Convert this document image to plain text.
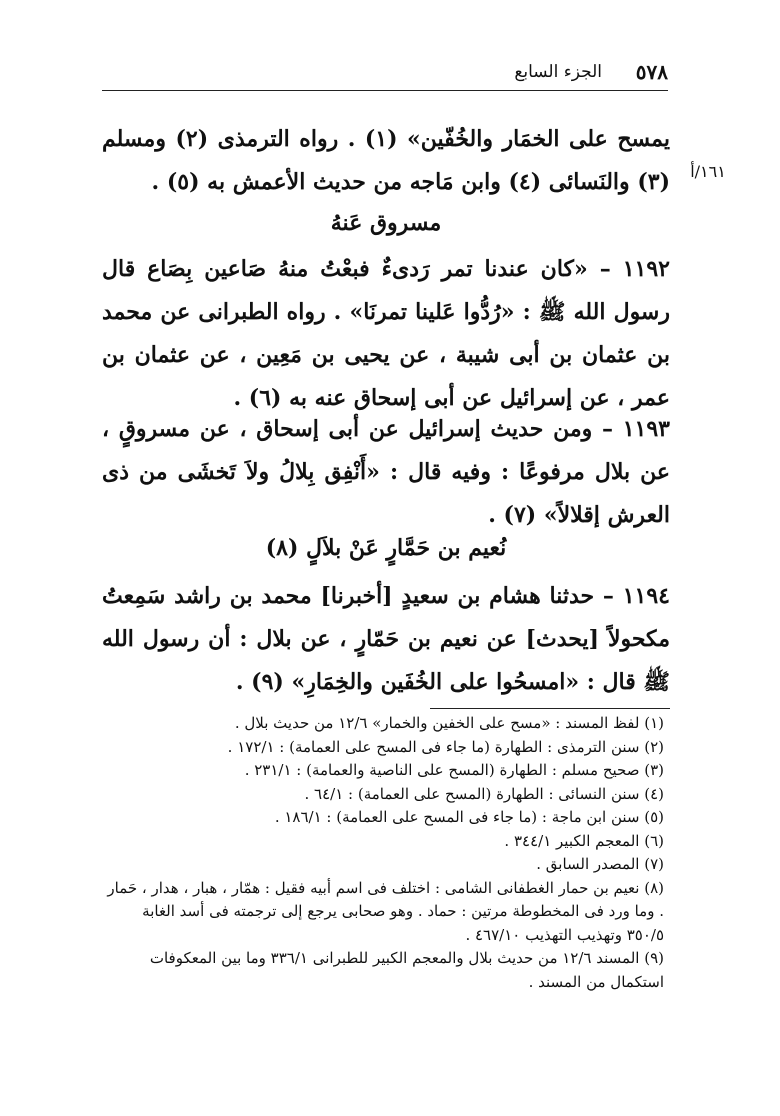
٥٧٨
الجزء السابع
١٦١/أ
يمسح على الخمَار والخُفّين» (١) . رواه الترمذى (٢) ومسلم (٣) والنَسائى (٤) وابن مَاجه من حديث الأعمش به (٥) .
مسروق عَنهُ
١١٩٢ – «كان عندنا تمر رَدىءٌ فبعْتُ منهُ صَاعين بِصَاع قال رسول الله ﷺ : «رُدُّوا عَلينا تمرنَا» . رواه الطبرانى عن محمد بن عثمان بن أبى شيبة ، عن يحيى بن مَعِين ، عن عثمان بن عمر ، عن إسرائيل عن أبى إسحاق عنه به (٦) .
١١٩٣ – ومن حديث إسرائيل عن أبى إسحاق ، عن مسروقٍ ، عن بلال مرفوعًا : وفيه قال : «أَنْفِق بِلالُ ولاَ تَخشَى من ذى العرش إقلالاً» (٧) .
نُعيم بن حَمَّارٍ عَنْ بلاَلٍ (٨)
١١٩٤ – حدثنا هشام بن سعيدٍ [أخبرنا] محمد بن راشد سَمِعتُ مكحولاً [يحدث] عن نعيم بن حَمّارٍ ، عن بلال : أن رسول الله ﷺ قال : «امسحُوا على الخُفَين والخِمَارِ» (٩) .

(١) لفظ المسند : «مسح على الخفين والخمار» ١٢/٦ من حديث بلال .

(٢) سنن الترمذى : الطهارة (ما جاء فى المسح على العمامة) : ١٧٢/١ .

(٣) صحيح مسلم : الطهارة (المسح على الناصية والعمامة) : ٢٣١/١ .

(٤) سنن النسائى : الطهارة (المسح على العمامة) : ٦٤/١ .

(٥) سنن ابن ماجة : (ما جاء فى المسح على العمامة) : ١٨٦/١ .

(٦) المعجم الكبير ٣٤٤/١ .

(٧) المصدر السابق .

(٨) نعيم بن حمار الغطفانى الشامى : اختلف فى اسم أبيه فقيل : همّار ، هبار ، هدار ، حَمار . وما ورد فى المخطوطة مرتين : حماد . وهو صحابى يرجع إلى ترجمته فى أسد الغابة ٣٥٠/٥ وتهذيب التهذيب ٤٦٧/١٠ .

(٩) المسند ١٢/٦ من حديث بلال والمعجم الكبير للطبرانى ٣٣٦/١ وما بين المعكوفات استكمال من المسند .
